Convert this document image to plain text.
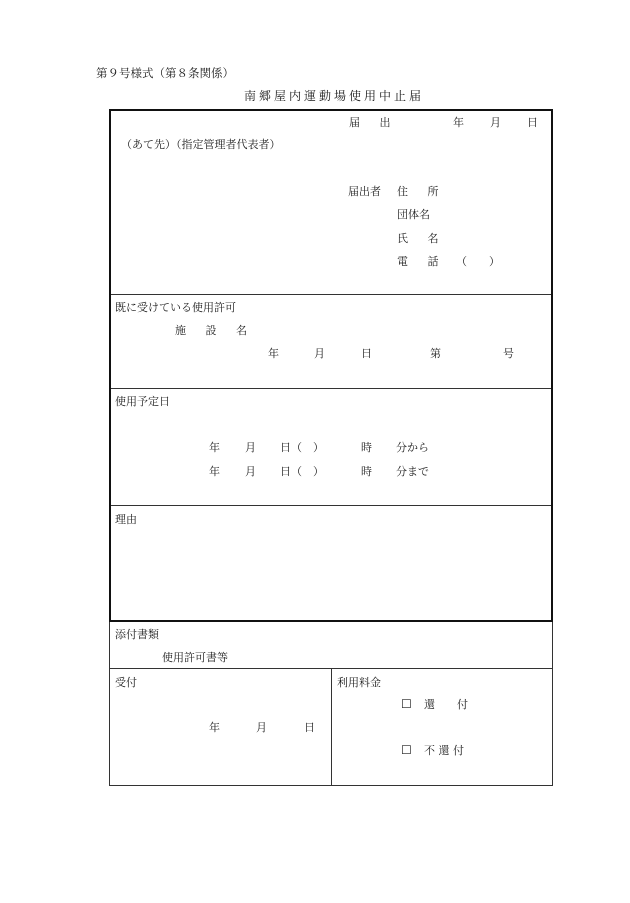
第９号様式（第８条関係）
南郷屋内運動場使用中止届
届 出	年 月 日
（あて先）（指定管理者代表者）
届出者 住 所
団体名
氏 名
電 話 （　　）
既に受けている使用許可
施 設 名
年	月	日	第	号
使用予定日
年 月 日（　）	時 分から
年 月 日（　）	時 分まで
理由
添付書類
使用許可書等
受付
年	月	日
利用料金
☐ 還　　付
☐ 不 還 付
